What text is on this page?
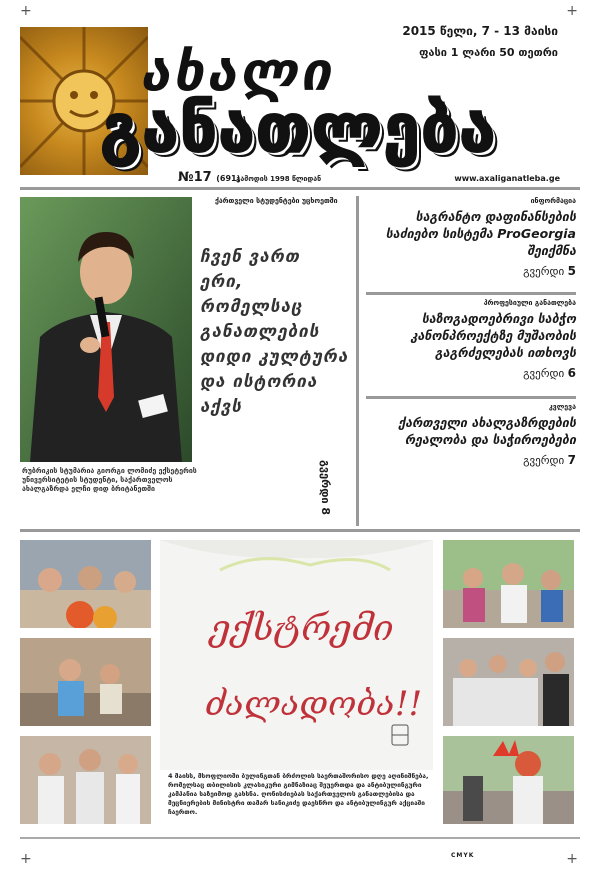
+	+
+	+
ახალი
განათლება
2015 წელი, 7 - 13 მაისი
ფასი 1 ლარი 50 თეთრი
№17 (691)
გამოდის 1998 წლიდან	www.axaliganatleba.ge
ქართველი სტუდენტები უცხოეთში
ჩვენ ვართ ერი, რომელსაც განათლების დიდი კულტურა და ისტორია აქვს
რუბრიკის სტუმარია გიორგი ლომიძე ექსეტერის უნივერსიტეტის სტუდენტი, საქართველოს ახალგაზრდა ელჩი დიდ ბრიტანეთში	გვერდი 8
ინფორმაცია
საგრანტო დაფინანსების საძიებო სისტემა ProGeorgia შეიქმნა
გვერდი 5
პროფესიული განათლება
საზოგადოებრივი საბჭო კანონპროექტზე მუშაობის გაგრძელებას ითხოვს
გვერდი 6
კვლევა
ქართველი ახალგაზრდების რეალობა და საჭიროებები
გვერდი 7
ექსტრემი
ძალადობა!!
4 მაისს, მსოფლიოში ბულინგთან ბრძოლის საერთაშორისო დღე აღინიშნება, რომელსაც თბილისის კლასიკური გიმნაზიაც შეუერთდა და ანტიბულინგური კამპანია საზეიმოდ გახსნა. ღონისძიებას საქართველოს განათლებისა და მეცნიერების მინისტრი თამარ სანიკიძე დაესწრო და ანტიბულინგურ აქციაში ჩაერთო.
CMYK
